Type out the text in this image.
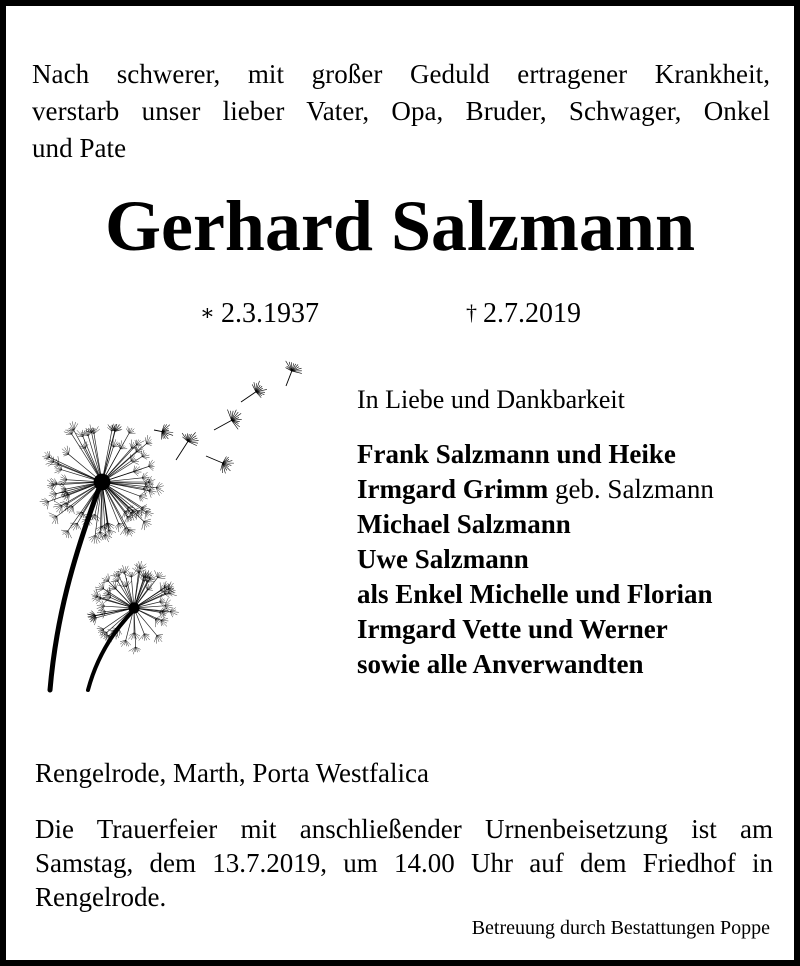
Nach schwerer, mit großer Geduld ertragener Krankheit,
verstarb unser lieber Vater, Opa, Bruder, Schwager, Onkel
und Pate
Gerhard Salzmann
∗ 2.3.1937	† 2.7.2019
In Liebe und Dankbarkeit
Frank Salzmann und Heike
Irmgard Grimm geb. Salzmann
Michael Salzmann
Uwe Salzmann
als Enkel Michelle und Florian
Irmgard Vette und Werner
sowie alle Anverwandten
Rengelrode, Marth, Porta Westfalica
Die Trauerfeier mit anschließender Urnenbeisetzung ist am
Samstag, dem 13.7.2019, um 14.00 Uhr auf dem Friedhof in
Rengelrode.
Betreuung durch Bestattungen Poppe
